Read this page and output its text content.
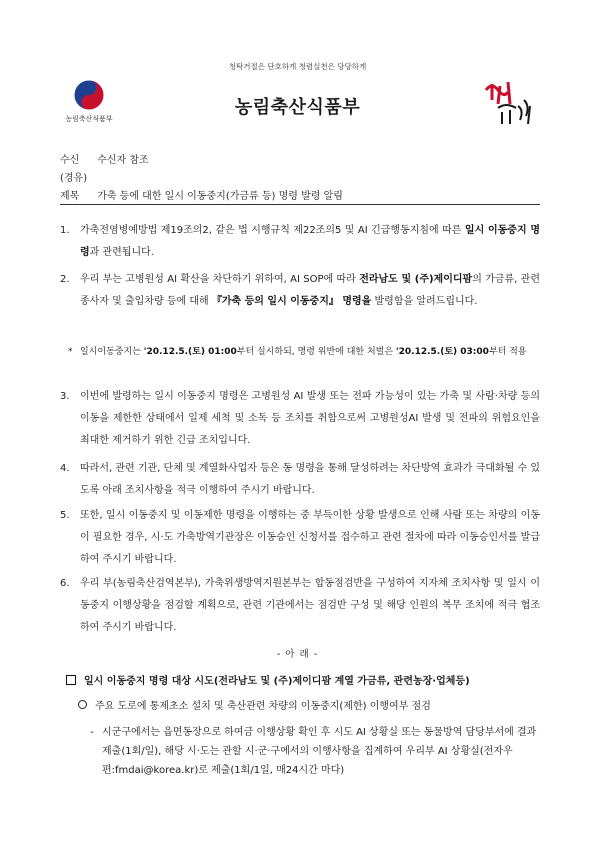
청탁거절은 단호하게 청렴실천은 당당하게
농림축산식품부
농림축산식품부
수신 수신자 참조
(경유)
제목 가축 등에 대한 일시 이동중지(가금류 등) 명령 발령 알림
1. 가축전염병예방법 제19조의2, 같은 법 시행규칙 제22조의5 및 AI 긴급행동지침에 따른 일시 이동중지 명령과 관련됩니다.
2. 우리 부는 고병원성 AI 확산을 차단하기 위하여, AI SOP에 따라 전라남도 및 (주)제이디팜의 가금류, 관련 종사자 및 출입차량 등에 대해 『가축 등의 일시 이동중지』 명령을 발령함을 알려드립니다.
* 일시이동중지는 '20.12.5.(토) 01:00부터 실시하되, 명령 위반에 대한 처벌은 '20.12.5.(토) 03:00부터 적용
3. 이번에 발령하는 일시 이동중지 명령은 고병원성 AI 발생 또는 전파 가능성이 있는 가축 및 사람·차량 등의 이동을 제한한 상태에서 일제 세척 및 소독 등 조치를 취함으로써 고병원성AI 발생 및 전파의 위험요인을 최대한 제거하기 위한 긴급 조치입니다.
4. 따라서, 관련 기관, 단체 및 계열화사업자 등은 동 명령을 통해 달성하려는 차단방역 효과가 극대화될 수 있도록 아래 조치사항을 적극 이행하여 주시기 바랍니다.
5. 또한, 일시 이동중지 및 이동제한 명령을 이행하는 중 부득이한 상황 발생으로 인해 사람 또는 차량의 이동이 필요한 경우, 시·도 가축방역기관장은 이동승인 신청서를 접수하고 관련 절차에 따라 이동승인서를 발급하여 주시기 바랍니다.
6. 우리 부(농림축산검역본부), 가축위생방역지원본부는 합동점검반을 구성하여 지자체 조치사항 및 일시 이동중지 이행상황을 점검할 계획으로, 관련 기관에서는 점검반 구성 및 해당 인원의 복무 조치에 적극 협조하여 주시기 바랍니다.
- 아 래 -
일시 이동중지 명령 대상 시도(전라남도 및 (주)제이디팜 계열 가금류, 관련농장·업체등)
주요 도로에 통제초소 설치 및 축산관련 차량의 이동중지(제한) 이행여부 점검
- 시군구에서는 읍면동장으로 하여금 이행상황 확인 후 시도 AI 상황실 또는 동물방역 담당부서에 결과 제출(1회/일), 해당 시·도는 관할 시·군·구에서의 이행사항을 집계하여 우리부 AI 상황실(전자우편:fmdai@korea.kr)로 제출(1회/1일, 매24시간 마다)
